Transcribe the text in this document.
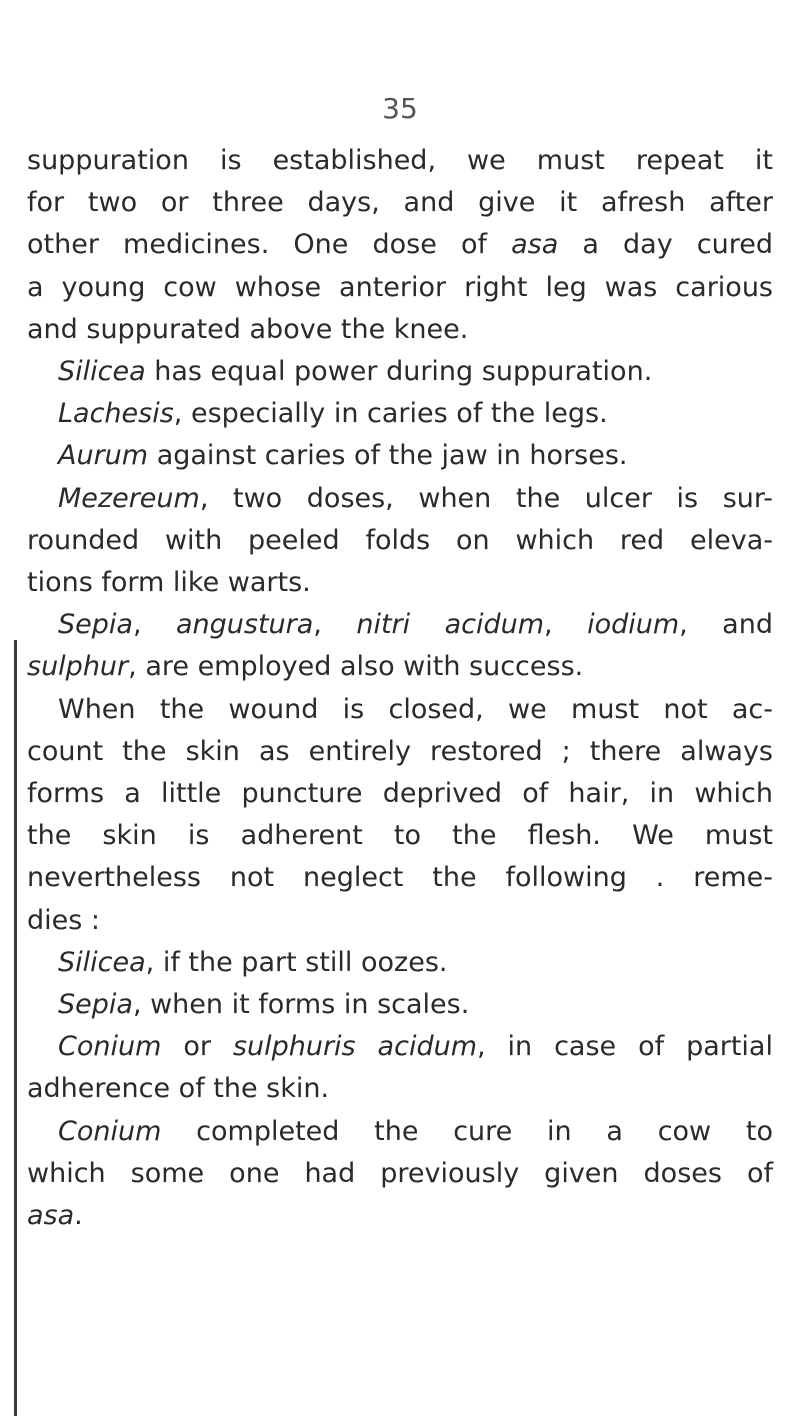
35
suppuration is established, we must repeat it
for two or three days, and give it afresh after
other medicines. One dose of asa a day cured
a young cow whose anterior right leg was carious
and suppurated above the knee.
Silicea has equal power during suppuration.
Lachesis, especially in caries of the legs.
Aurum against caries of the jaw in horses.
Mezereum, two doses, when the ulcer is sur-
rounded with peeled folds on which red eleva-
tions form like warts.
Sepia, angustura, nitri acidum, iodium, and
sulphur, are employed also with success.
When the wound is closed, we must not ac-
count the skin as entirely restored ; there always
forms a little puncture deprived of hair, in which
the skin is adherent to the flesh. We must
nevertheless not neglect the following . reme-
dies :
Silicea, if the part still oozes.
Sepia, when it forms in scales.
Conium or sulphuris acidum, in case of partial
adherence of the skin.
Conium completed the cure in a cow to
which some one had previously given doses of
asa.
